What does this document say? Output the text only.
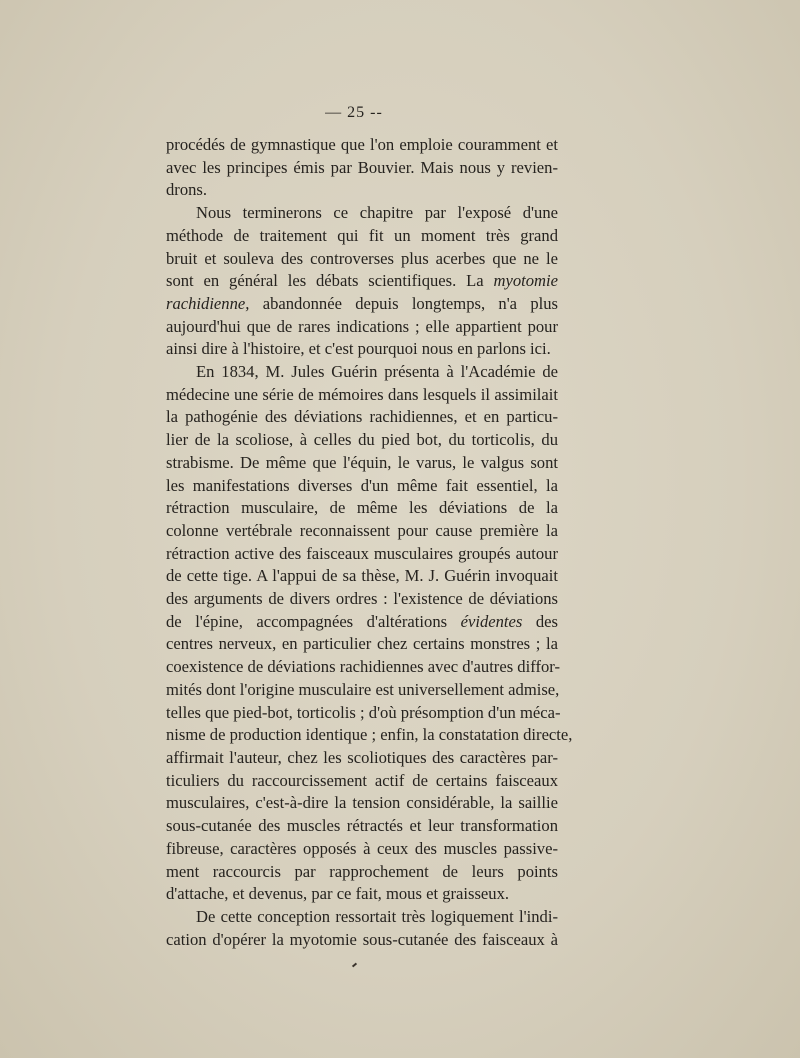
— 25 --

procédés de gymnastique que l'on emploie couramment et
avec les principes émis par Bouvier. Mais nous y revien-
drons.

Nous terminerons ce chapitre par l'exposé d'une
méthode de traitement qui fit un moment très grand
bruit et souleva des controverses plus acerbes que ne le
sont en général les débats scientifiques. La myotomie
rachidienne, abandonnée depuis longtemps, n'a plus
aujourd'hui que de rares indications ; elle appartient pour
ainsi dire à l'histoire, et c'est pourquoi nous en parlons ici.

En 1834, M. Jules Guérin présenta à l'Académie de
médecine une série de mémoires dans lesquels il assimilait
la pathogénie des déviations rachidiennes, et en particu-
lier de la scoliose, à celles du pied bot, du torticolis, du
strabisme. De même que l'équin, le varus, le valgus sont
les manifestations diverses d'un même fait essentiel, la
rétraction musculaire, de même les déviations de la
colonne vertébrale reconnaissent pour cause première la
rétraction active des faisceaux musculaires groupés autour
de cette tige. A l'appui de sa thèse, M. J. Guérin invoquait
des arguments de divers ordres : l'existence de déviations
de l'épine, accompagnées d'altérations évidentes des
centres nerveux, en particulier chez certains monstres ; la
coexistence de déviations rachidiennes avec d'autres diffor-
mités dont l'origine musculaire est universellement admise,
telles que pied-bot, torticolis ; d'où présomption d'un méca-
nisme de production identique ; enfin, la constatation directe,
affirmait l'auteur, chez les scoliotiques des caractères par-
ticuliers du raccourcissement actif de certains faisceaux
musculaires, c'est-à-dire la tension considérable, la saillie
sous-cutanée des muscles rétractés et leur transformation
fibreuse, caractères opposés à ceux des muscles passive-
ment raccourcis par rapprochement de leurs points
d'attache, et devenus, par ce fait, mous et graisseux.

De cette conception ressortait très logiquement l'indi-
cation d'opérer la myotomie sous-cutanée des faisceaux à
